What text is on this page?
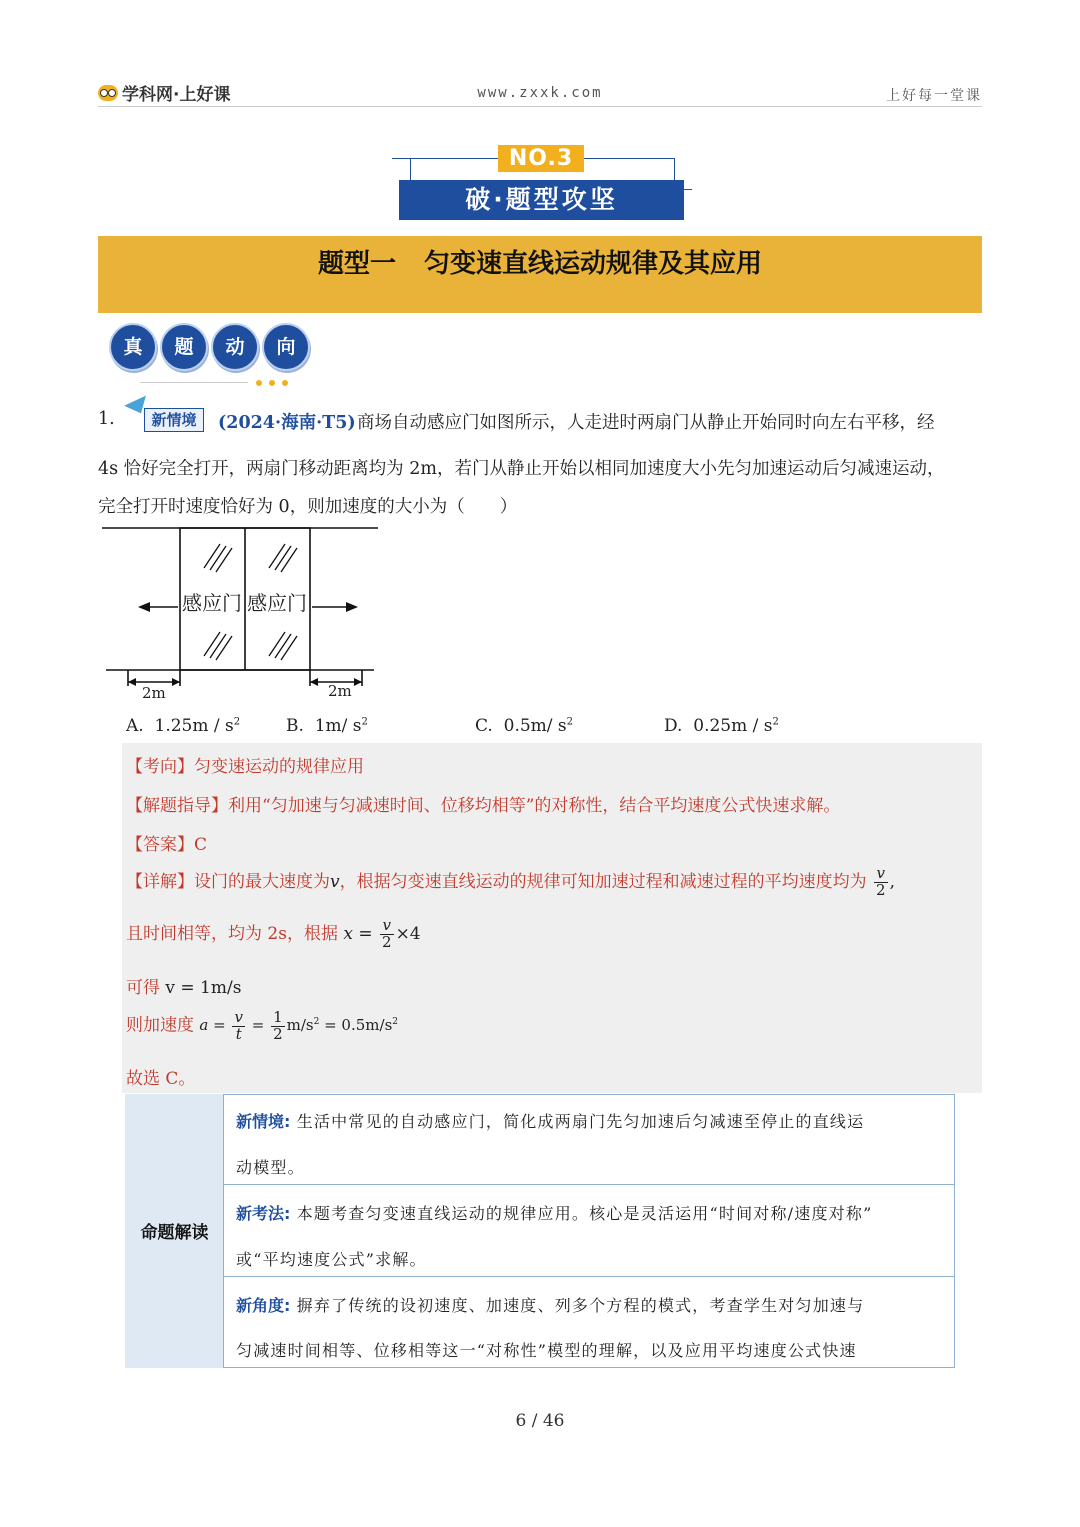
学科网·上好课	www.zxxk.com	上好每一堂课
NO.3
破·题型攻坚
题型一 匀变速直线运动规律及其应用
真	题	动	向
1.	新情境	(2024·海南·T5) 商场自动感应门如图所示，人走进时两扇门从静止开始同时向左右平移，经
4s 恰好完全打开，两扇门移动距离均为 2m，若门从静止开始以相同加速度大小先匀加速运动后匀减速运动，
完全打开时速度恰好为 0，则加速度的大小为（　　）
感应门 感应门
2m	2m
A. $1.25m / s^2$	B. 1m/ $s^2$	C. 0.5m/ $s^2$	D. $0.25m / s^2$
【考向】匀变速运动的规律应用
【解题指导】利用“匀加速与匀减速时间、位移均相等”的对称性，结合平均速度公式快速求解。
【答案】C
【详解】设门的最大速度为v，根据匀变速直线运动的规律可知加速过程和减速过程的平均速度均为 $\frac{v}{2}$ ,
且时间相等，均为 2s，根据 $x = \frac{v}{2} \times 4$
可得 v = 1m/s
则加速度 $a = \frac{v}{t} = \frac{1}{2} m/s^2 = 0.5m/s^2$
故选 C。
命题解读
新情境: 生活中常见的自动感应门，简化成两扇门先匀加速后匀减速至停止的直线运
动模型。
新考法: 本题考查匀变速直线运动的规律应用。核心是灵活运用“时间对称/速度对称”
或“平均速度公式”求解。
新角度: 摒弃了传统的设初速度、加速度、列多个方程的模式，考查学生对匀加速与
匀减速时间相等、位移相等这一“对称性”模型的理解，以及应用平均速度公式快速
6 / 46
